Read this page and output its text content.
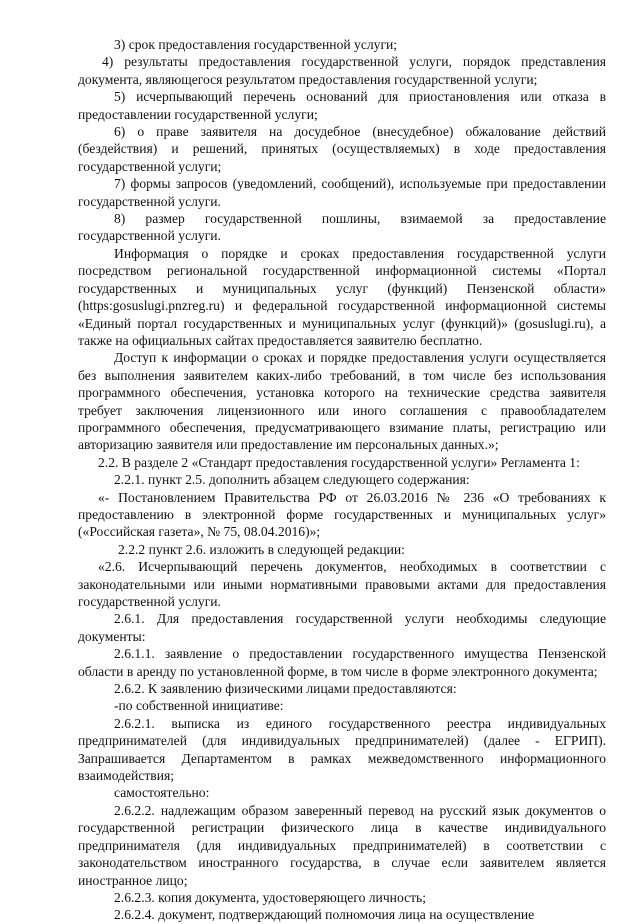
3) срок предоставления государственной услуги;

4) результаты предоставления государственной услуги, порядок представления документа, являющегося результатом предоставления государственной услуги;

5) исчерпывающий перечень оснований для приостановления или отказа в предоставлении государственной услуги;

6) о праве заявителя на досудебное (внесудебное) обжалование действий (бездействия) и решений, принятых (осуществляемых) в ходе предоставления государственной услуги;

7) формы запросов (уведомлений, сообщений), используемые при предоставлении государственной услуги.

8) размер государственной пошлины, взимаемой за предоставление государственной услуги.

Информация о порядке и сроках предоставления государственной услуги посредством региональной государственной информационной системы «Портал государственных и муниципальных услуг (функций) Пензенской области» (https:gosuslugi.pnzreg.ru) и федеральной государственной информационной системы «Единый портал государственных и муниципальных услуг (функций)» (gosuslugi.ru), а также на официальных сайтах предоставляется заявителю бесплатно.

Доступ к информации о сроках и порядке предоставления услуги осуществляется без выполнения заявителем каких-либо требований, в том числе без использования программного обеспечения, установка которого на технические средства заявителя требует заключения лицензионного или иного соглашения с правообладателем программного обеспечения, предусматривающего взимание платы, регистрацию или авторизацию заявителя или предоставление им персональных данных.»;

2.2. В разделе 2 «Стандарт предоставления государственной услуги» Регламента 1:

2.2.1. пункт 2.5. дополнить абзацем следующего содержания:

«- Постановлением Правительства РФ от 26.03.2016 № 236 «О требованиях к предоставлению в электронной форме государственных и муниципальных услуг» («Российская газета», № 75, 08.04.2016)»;

2.2.2 пункт 2.6. изложить в следующей редакции:

«2.6. Исчерпывающий перечень документов, необходимых в соответствии с законодательными или иными нормативными правовыми актами для предоставления государственной услуги.

2.6.1. Для предоставления государственной услуги необходимы следующие документы:

2.6.1.1. заявление о предоставлении государственного имущества Пензенской области в аренду по установленной форме, в том числе в форме электронного документа;

2.6.2. К заявлению физическими лицами предоставляются:

-по собственной инициативе:

2.6.2.1. выписка из единого государственного реестра индивидуальных предпринимателей (для индивидуальных предпринимателей) (далее - ЕГРИП). Запрашивается Департаментом в рамках межведомственного информационного взаимодействия;

самостоятельно:

2.6.2.2. надлежащим образом заверенный перевод на русский язык документов о государственной регистрации физического лица в качестве индивидуального предпринимателя (для индивидуальных предпринимателей) в соответствии с законодательством иностранного государства, в случае если заявителем является иностранное лицо;

2.6.2.3. копия документа, удостоверяющего личность;

2.6.2.4. документ, подтверждающий полномочия лица на осуществление
